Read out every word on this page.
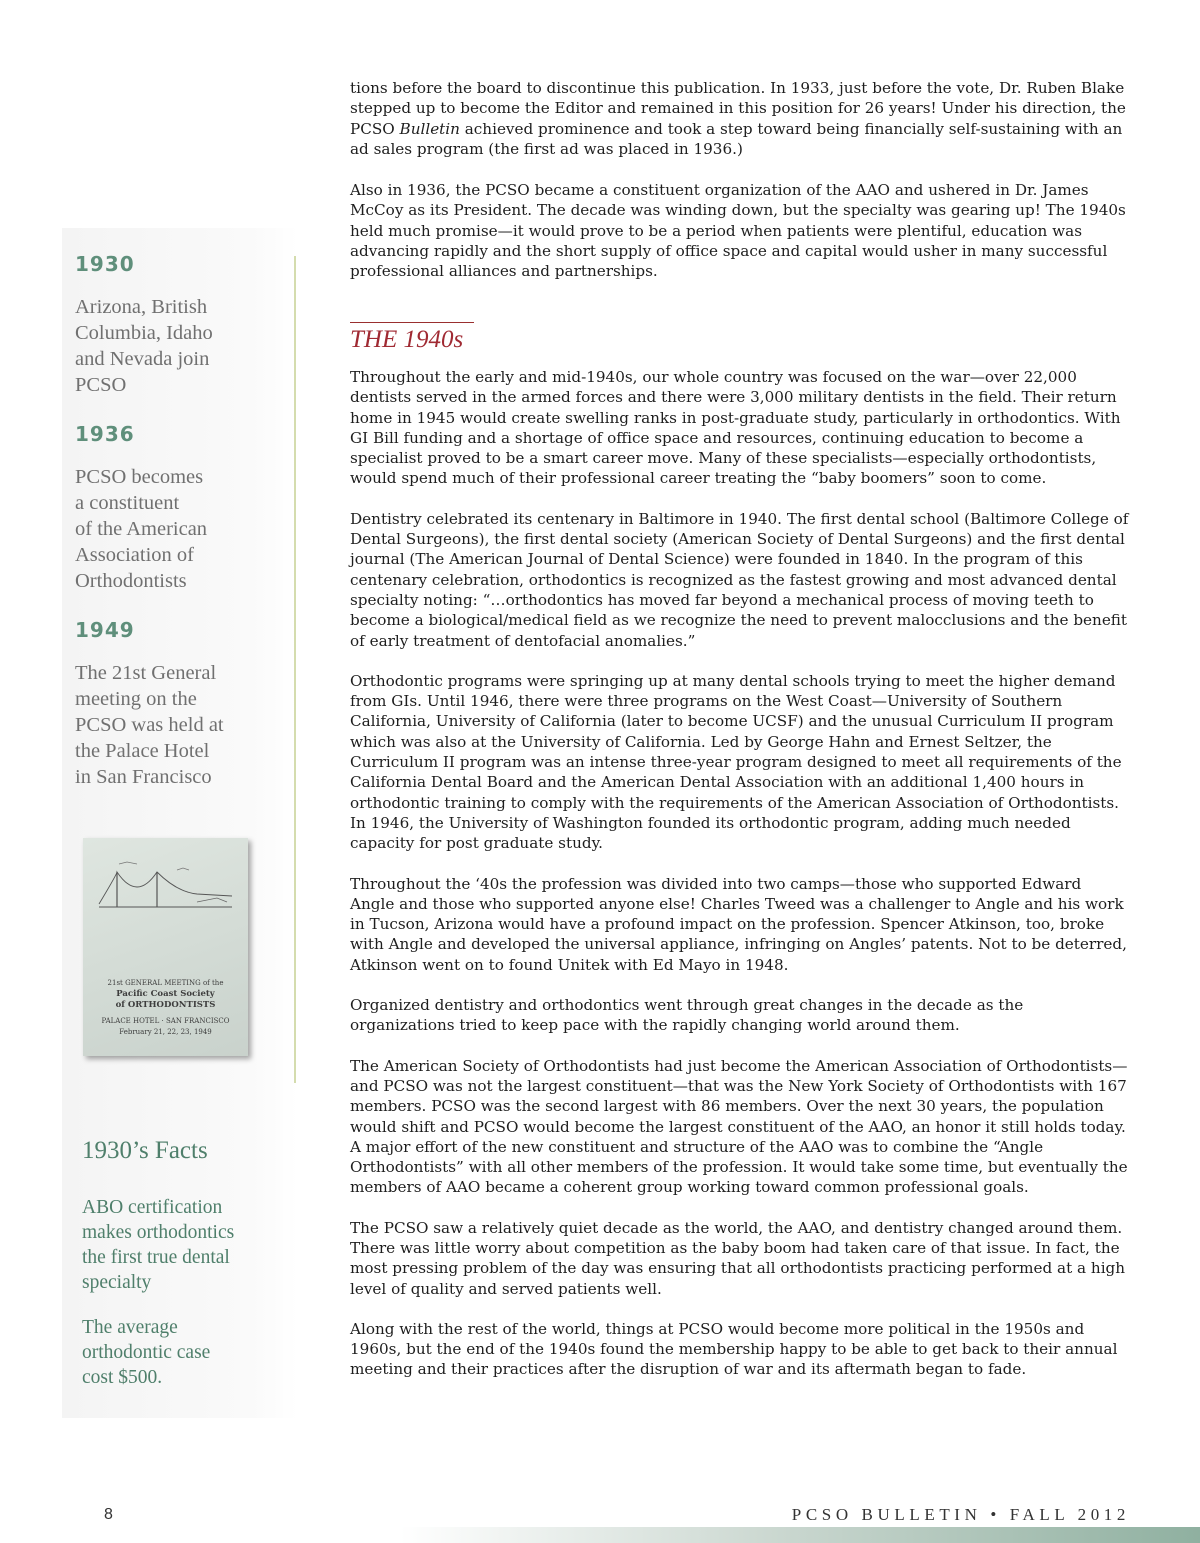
1930
Arizona, British
Columbia, Idaho
and Nevada join
PCSO
1936
PCSO becomes
a constituent
of the American
Association of
Orthodontists
1949
The 21st General
meeting on the
PCSO was held at
the Palace Hotel
in San Francisco
21st GENERAL MEETING of the
Pacific Coast Society
of ORTHODONTISTS
PALACE HOTEL · SAN FRANCISCO
February 21, 22, 23, 1949
1930’s Facts
ABO certification
makes orthodontics
the first true dental
specialty
The average
orthodontic case
cost $500.

tions before the board to discontinue this publication. In 1933, just before the vote, Dr. Ruben Blake stepped up to become the Editor and remained in this position for 26 years! Under his direction, the PCSO Bulletin achieved prominence and took a step toward being financially self-sustaining with an ad sales program (the first ad was placed in 1936.)

Also in 1936, the PCSO became a constituent organization of the AAO and ushered in Dr. James McCoy as its President. The decade was winding down, but the specialty was gearing up! The 1940s held much promise—it would prove to be a period when patients were plentiful, education was advancing rapidly and the short supply of office space and capital would usher in many successful professional alliances and partnerships.

THE 1940s

Throughout the early and mid-1940s, our whole country was focused on the war—over 22,000 dentists served in the armed forces and there were 3,000 military dentists in the field. Their return home in 1945 would create swelling ranks in post-graduate study, particularly in orthodontics. With GI Bill funding and a shortage of office space and resources, continuing education to become a specialist proved to be a smart career move. Many of these specialists—especially orthodontists, would spend much of their professional career treating the “baby boomers” soon to come.

Dentistry celebrated its centenary in Baltimore in 1940. The first dental school (Baltimore College of Dental Surgeons), the first dental society (American Society of Dental Surgeons) and the first dental journal (The American Journal of Dental Science) were founded in 1840. In the program of this centenary celebration, orthodontics is recognized as the fastest growing and most advanced dental specialty noting: “…orthodontics has moved far beyond a mechanical process of moving teeth to become a biological/medical field as we recognize the need to prevent malocclusions and the benefit of early treatment of dentofacial anomalies.”

Orthodontic programs were springing up at many dental schools trying to meet the higher demand from GIs. Until 1946, there were three programs on the West Coast—University of Southern California, University of California (later to become UCSF) and the unusual Curriculum II program which was also at the University of California. Led by George Hahn and Ernest Seltzer, the Curriculum II program was an intense three-year program designed to meet all requirements of the California Dental Board and the American Dental Association with an additional 1,400 hours in orthodontic training to comply with the requirements of the American Association of Orthodontists. In 1946, the University of Washington founded its orthodontic program, adding much needed capacity for post graduate study.

Throughout the ‘40s the profession was divided into two camps—those who supported Edward Angle and those who supported anyone else! Charles Tweed was a challenger to Angle and his work in Tucson, Arizona would have a profound impact on the profession. Spencer Atkinson, too, broke with Angle and developed the universal appliance, infringing on Angles’ patents. Not to be deterred, Atkinson went on to found Unitek with Ed Mayo in 1948.

Organized dentistry and orthodontics went through great changes in the decade as the organizations tried to keep pace with the rapidly changing world around them.

The American Society of Orthodontists had just become the American Association of Orthodontists—and PCSO was not the largest constituent—that was the New York Society of Orthodontists with 167 members. PCSO was the second largest with 86 members. Over the next 30 years, the population would shift and PCSO would become the largest constituent of the AAO, an honor it still holds today. A major effort of the new constituent and structure of the AAO was to combine the “Angle Orthodontists” with all other members of the profession. It would take some time, but eventually the members of AAO became a coherent group working toward common professional goals.

The PCSO saw a relatively quiet decade as the world, the AAO, and dentistry changed around them. There was little worry about competition as the baby boom had taken care of that issue. In fact, the most pressing problem of the day was ensuring that all orthodontists practicing performed at a high level of quality and served patients well.

Along with the rest of the world, things at PCSO would become more political in the 1950s and 1960s, but the end of the 1940s found the membership happy to be able to get back to their annual meeting and their practices after the disruption of war and its aftermath began to fade.

8	PCSO BULLETIN • FALL 2012
